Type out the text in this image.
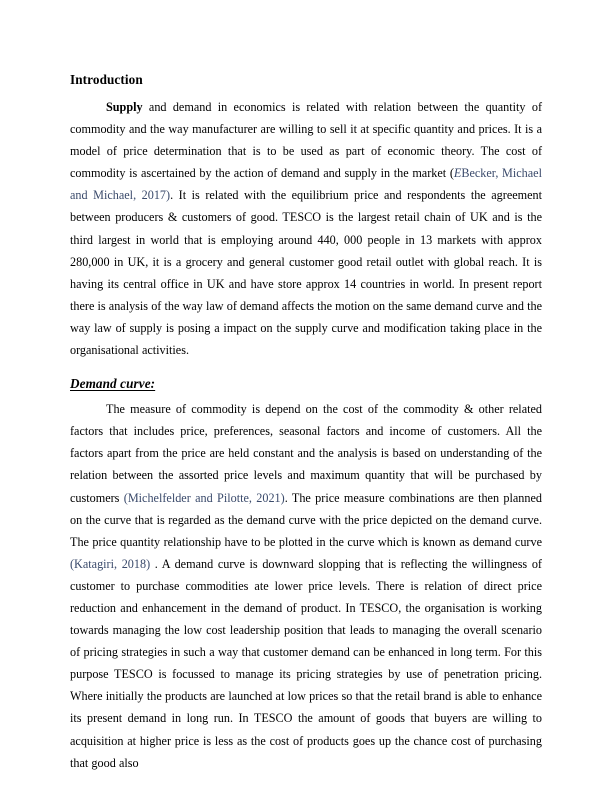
Introduction

Supply and demand in economics is related with relation between the quantity of commodity and the way manufacturer are willing to sell it at specific quantity and prices. It is a model of price determination that is to be used as part of economic theory. The cost of commodity is ascertained by the action of demand and supply in the market (EBecker, Michael and Michael, 2017). It is related with the equilibrium price and respondents the agreement between producers & customers of good. TESCO is the largest retail chain of UK and is the third largest in world that is employing around 440, 000 people in 13 markets with approx 280,000 in UK, it is a grocery and general customer good retail outlet with global reach. It is having its central office in UK and have store approx 14 countries in world. In present report there is analysis of the way law of demand affects the motion on the same demand curve and the way law of supply is posing a impact on the supply curve and modification taking place in the organisational activities.

Demand curve:

The measure of commodity is depend on the cost of the commodity & other related factors that includes price, preferences, seasonal factors and income of customers. All the factors apart from the price are held constant and the analysis is based on understanding of the relation between the assorted price levels and maximum quantity that will be purchased by customers (Michelfelder and Pilotte, 2021). The price measure combinations are then planned on the curve that is regarded as the demand curve with the price depicted on the demand curve. The price quantity relationship have to be plotted in the curve which is known as demand curve (Katagiri, 2018) . A demand curve is downward slopping that is reflecting the willingness of customer to purchase commodities ate lower price levels. There is relation of direct price reduction and enhancement in the demand of product. In TESCO, the organisation is working towards managing the low cost leadership position that leads to managing the overall scenario of pricing strategies in such a way that customer demand can be enhanced in long term. For this purpose TESCO is focussed to manage its pricing strategies by use of penetration pricing. Where initially the products are launched at low prices so that the retail brand is able to enhance its present demand in long run. In TESCO the amount of goods that buyers are willing to acquisition at higher price is less as the cost of products goes up the chance cost of purchasing that good also
